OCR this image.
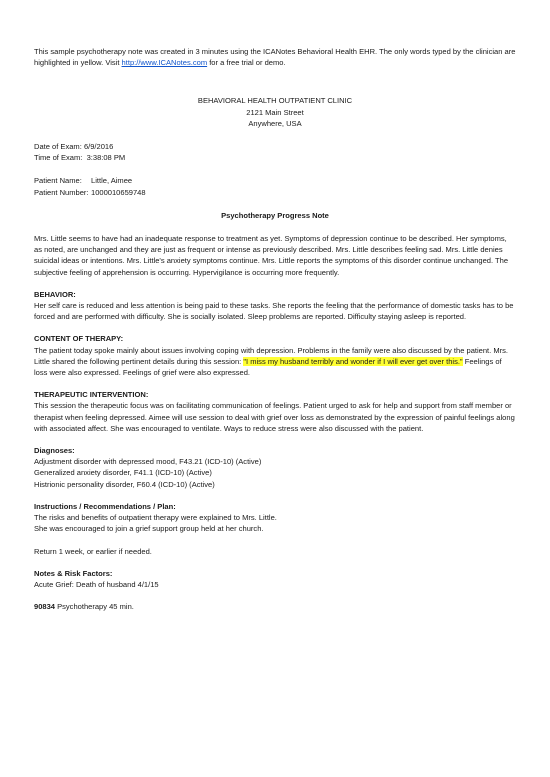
This sample psychotherapy note was created in 3 minutes using the ICANotes Behavioral Health EHR. The only words typed by the clinician are highlighted in yellow. Visit http://www.ICANotes.com for a free trial or demo.

BEHAVIORAL HEALTH OUTPATIENT CLINIC
2121 Main Street
Anywhere, USA
Date of Exam: 6/9/2016
Time of Exam: 3:38:08 PM
Patient Name: Little, Aimee
Patient Number: 1000010659748
Psychotherapy Progress Note

Mrs. Little seems to have had an inadequate response to treatment as yet. Symptoms of depression continue to be described. Her symptoms, as noted, are unchanged and they are just as frequent or intense as previously described. Mrs. Little describes feeling sad. Mrs. Little denies suicidal ideas or intentions. Mrs. Little's anxiety symptoms continue. Mrs. Little reports the symptoms of this disorder continue unchanged. The subjective feeling of apprehension is occurring. Hypervigilance is occurring more frequently.

BEHAVIOR:

Her self care is reduced and less attention is being paid to these tasks. She reports the feeling that the performance of domestic tasks has to be forced and are performed with difficulty. She is socially isolated. Sleep problems are reported. Difficulty staying asleep is reported.

CONTENT OF THERAPY:

The patient today spoke mainly about issues involving coping with depression. Problems in the family were also discussed by the patient. Mrs. Little shared the following pertinent details during this session: "I miss my husband terribly and wonder if I will ever get over this." Feelings of loss were also expressed. Feelings of grief were also expressed.

THERAPEUTIC INTERVENTION:

This session the therapeutic focus was on facilitating communication of feelings. Patient urged to ask for help and support from staff member or therapist when feeling depressed. Aimee will use session to deal with grief over loss as demonstrated by the expression of painful feelings along with associated affect. She was encouraged to ventilate. Ways to reduce stress were also discussed with the patient.

Diagnoses:

Adjustment disorder with depressed mood, F43.21 (ICD-10) (Active)
Generalized anxiety disorder, F41.1 (ICD-10) (Active)
Histrionic personality disorder, F60.4 (ICD-10) (Active)

Instructions / Recommendations / Plan:

The risks and benefits of outpatient therapy were explained to Mrs. Little.
She was encouraged to join a grief support group held at her church.
Return 1 week, or earlier if needed.

Notes & Risk Factors:

Acute Grief: Death of husband 4/1/15
90834 Psychotherapy 45 min.
